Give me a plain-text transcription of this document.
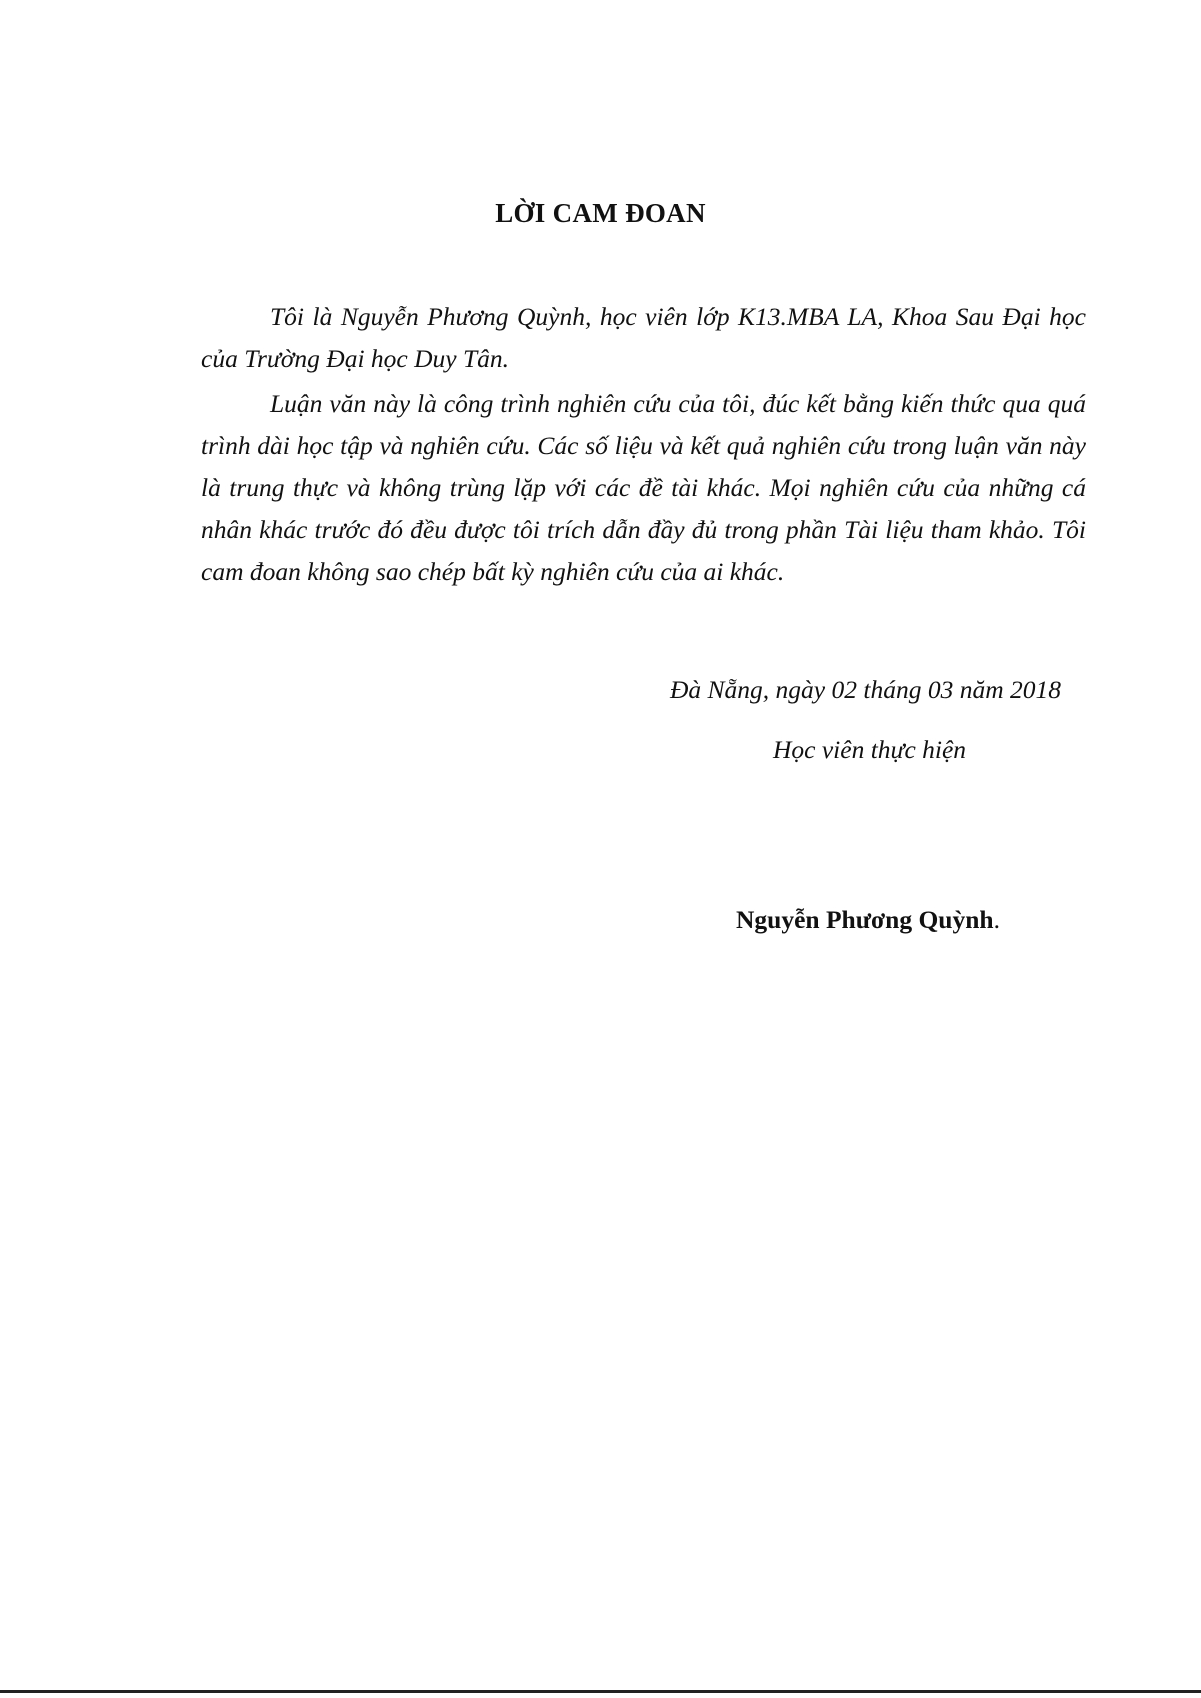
LỜI CAM ĐOAN

Tôi là Nguyễn Phương Quỳnh, học viên lớp K13.MBA LA, Khoa Sau Đại học của Trường Đại học Duy Tân.

Luận văn này là công trình nghiên cứu của tôi, đúc kết bằng kiến thức qua quá trình dài học tập và nghiên cứu. Các số liệu và kết quả nghiên cứu trong luận văn này là trung thực và không trùng lặp với các đề tài khác. Mọi nghiên cứu của những cá nhân khác trước đó đều được tôi trích dẫn đầy đủ trong phần Tài liệu tham khảo. Tôi cam đoan không sao chép bất kỳ nghiên cứu của ai khác.

Đà Nẵng, ngày 02 tháng 03 năm 2018

Học viên thực hiện

Nguyễn Phương Quỳnh.
